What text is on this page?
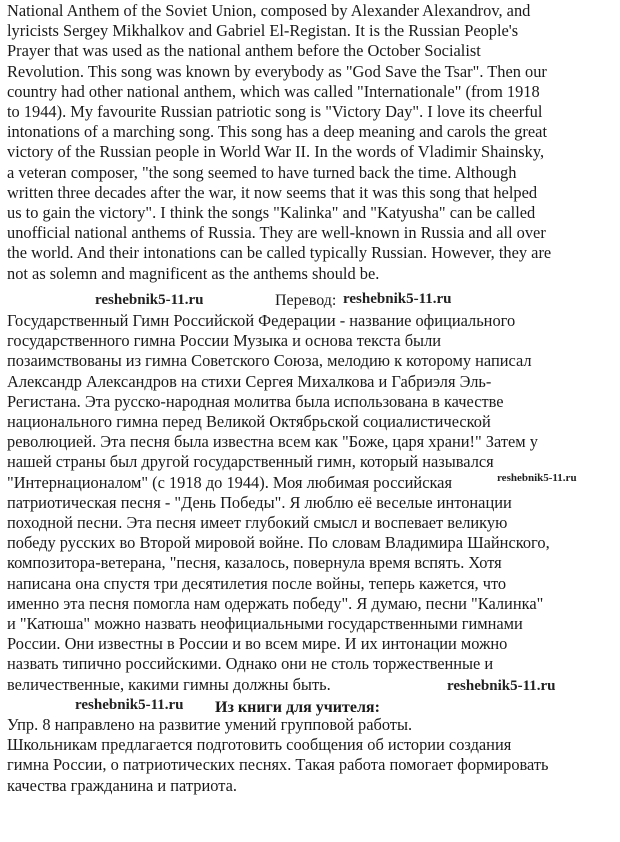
National Anthem of the Soviet Union, composed by Alexander Alexandrov, and
lyricists Sergey Mikhalkov and Gabriel El-Registan. It is the Russian People's
Prayer that was used as the national anthem before the October Socialist
Revolution. This song was known by everybody as "God Save the Tsar". Then our
country had other national anthem, which was called "Internationale" (from 1918
to 1944). My favourite Russian patriotic song is "Victory Day". I love its cheerful
intonations of a marching song. This song has a deep meaning and carols the great
victory of the Russian people in World War II. In the words of Vladimir Shainsky,
a veteran composer, "the song seemed to have turned back the time. Although
written three decades after the war, it now seems that it was this song that helped
us to gain the victory". I think the songs "Kalinka" and "Katyusha" can be called
unofficial national anthems of Russia. They are well-known in Russia and all over
the world. And their intonations can be called typically Russian. However, they are
not as solemn and magnificent as the anthems should be.

reshebnik5-11.ru	Перевод: reshebnik5-11.ru

Государственный Гимн Российской Федерации - название официального
государственного гимна России Музыка и основа текста были
позаимствованы из гимна Советского Союза, мелодию к которому написал
Александр Александров на стихи Сергея Михалкова и Габриэля Эль-
Регистана. Эта русско-народная молитва была использована в качестве
национального гимна перед Великой Октябрьской социалистической
революцией. Эта песня была известна всем как "Боже, царя храни!" Затем у
нашей страны был другой государственный гимн, который назывался
"Интернационалом" (с 1918 до 1944). Моя любимая российская
патриотическая песня - "День Победы". Я люблю её веселые интонации
походной песни. Эта песня имеет глубокий смысл и воспевает великую
победу русских во Второй мировой войне. По словам Владимира Шайнского,
композитора-ветерана, "песня, казалось, повернула время вспять. Хотя
написана она спустя три десятилетия после войны, теперь кажется, что
именно эта песня помогла нам одержать победу". Я думаю, песни "Калинка"
и "Катюша" можно назвать неофициальными государственными гимнами
России. Они известны в России и во всем мире. И их интонации можно
назвать типично российскими. Однако они не столь торжественные и
величественные, какими гимны должны быть.

reshebnik5-11.ru
reshebnik5-11.ru
reshebnik5-11.ru Из книги для учителя:

Упр. 8 направлено на развитие умений групповой работы.
Школьникам предлагается подготовить сообщения об истории создания
гимна России, о патриотических песнях. Такая работа помогает формировать
качества гражданина и патриота.
